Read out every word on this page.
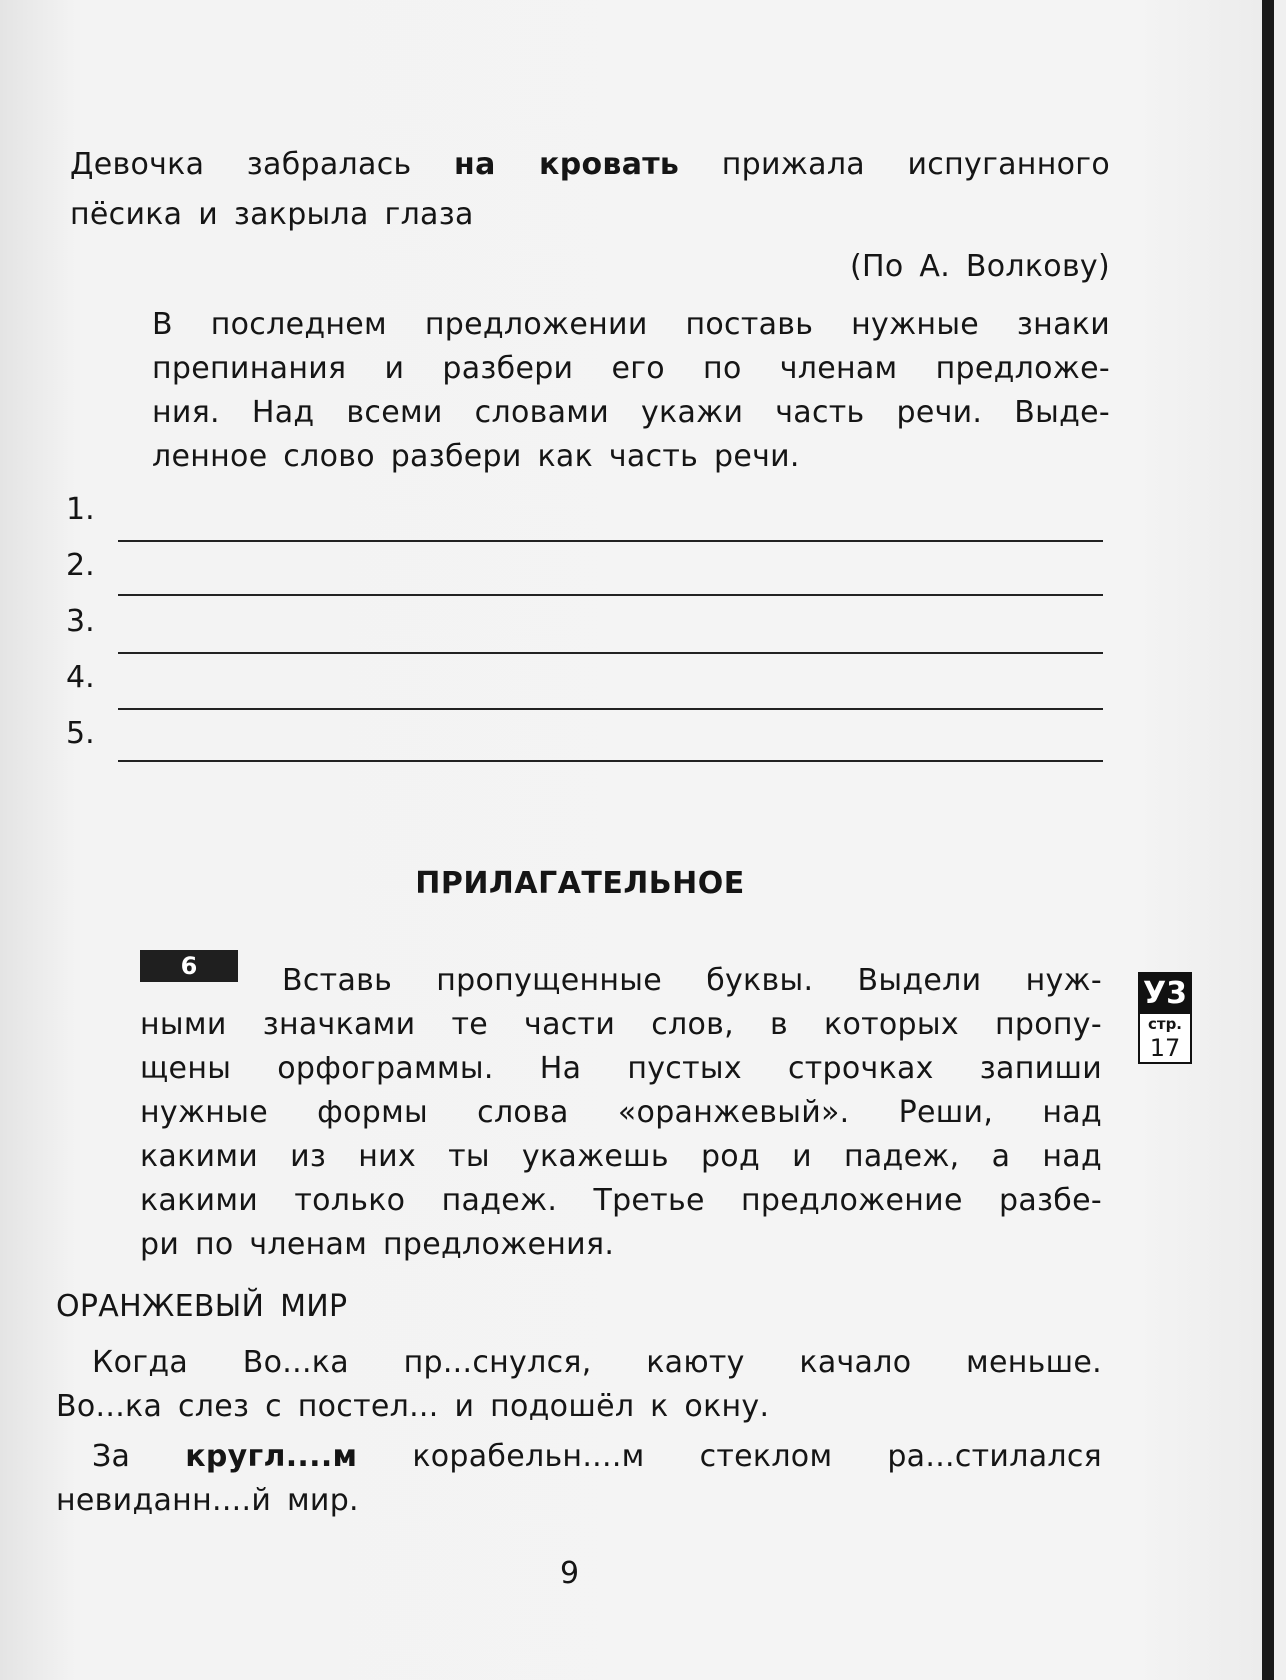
Девочка забралась на кровать прижала испуганного
пёсика и закрыла глаза
(По А. Волкову)
В последнем предложении поставь нужные знаки
препинания и разбери его по членам предложе-
ния. Над всеми словами укажи часть речи. Выде-
ленное слово разбери как часть речи.
1.
2.
3.
4.
5.
ПРИЛАГАТЕЛЬНОЕ
6	Вставь пропущенные буквы. Выдели нуж-
ными значками те части слов, в которых пропу-
щены орфограммы. На пустых строчках запиши
нужные формы слова «оранжевый». Реши, над
какими из них ты укажешь род и падеж, а над
какими только падеж. Третье предложение разбе-
ри по членам предложения.
У3
стр.
17
ОРАНЖЕВЫЙ МИР
Когда Во...ка пр...снулся, каюту качало меньше.
Во...ка слез с постел... и подошёл к окну.
За кругл....м корабельн....м стеклом ра...стилался
невиданн....й мир.
9
